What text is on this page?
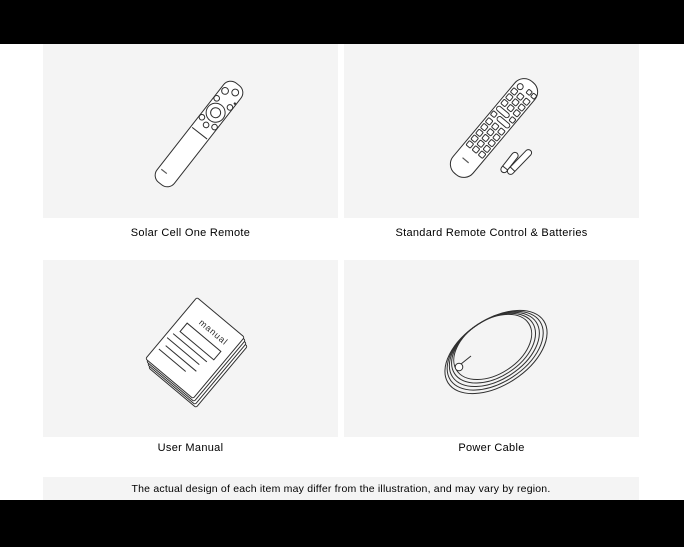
Solar Cell One Remote	Standard Remote Control & Batteries
manual
User Manual	Power Cable
The actual design of each item may differ from the illustration, and may vary by region.
